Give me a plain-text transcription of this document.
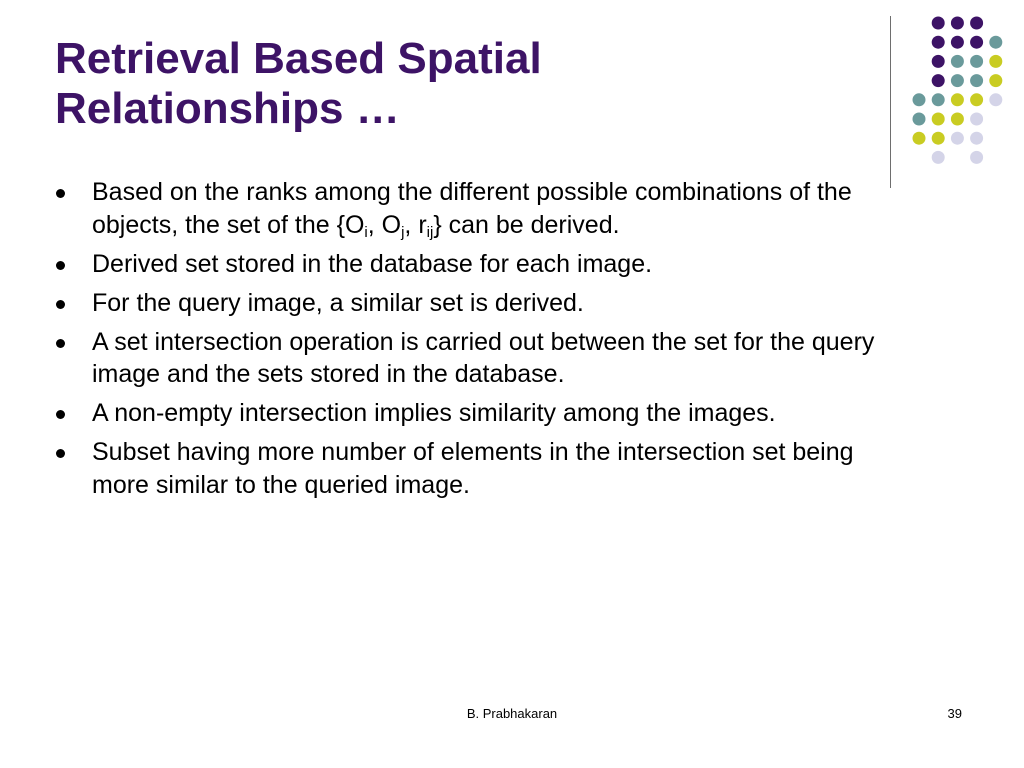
Retrieval Based Spatial
Relationships …
Based on the ranks among the different possible combinations of the objects, the set of the {$O_i$, $O_j$, $r_{ij}$} can be derived.
Derived set stored in the database for each image.
For the query image, a similar set is derived.
A set intersection operation is carried out between the set for the query image and the sets stored in the database.
A non-empty intersection implies similarity among the images.
Subset having more number of elements in the intersection set being more similar to the queried image.
B. Prabhakaran	39
